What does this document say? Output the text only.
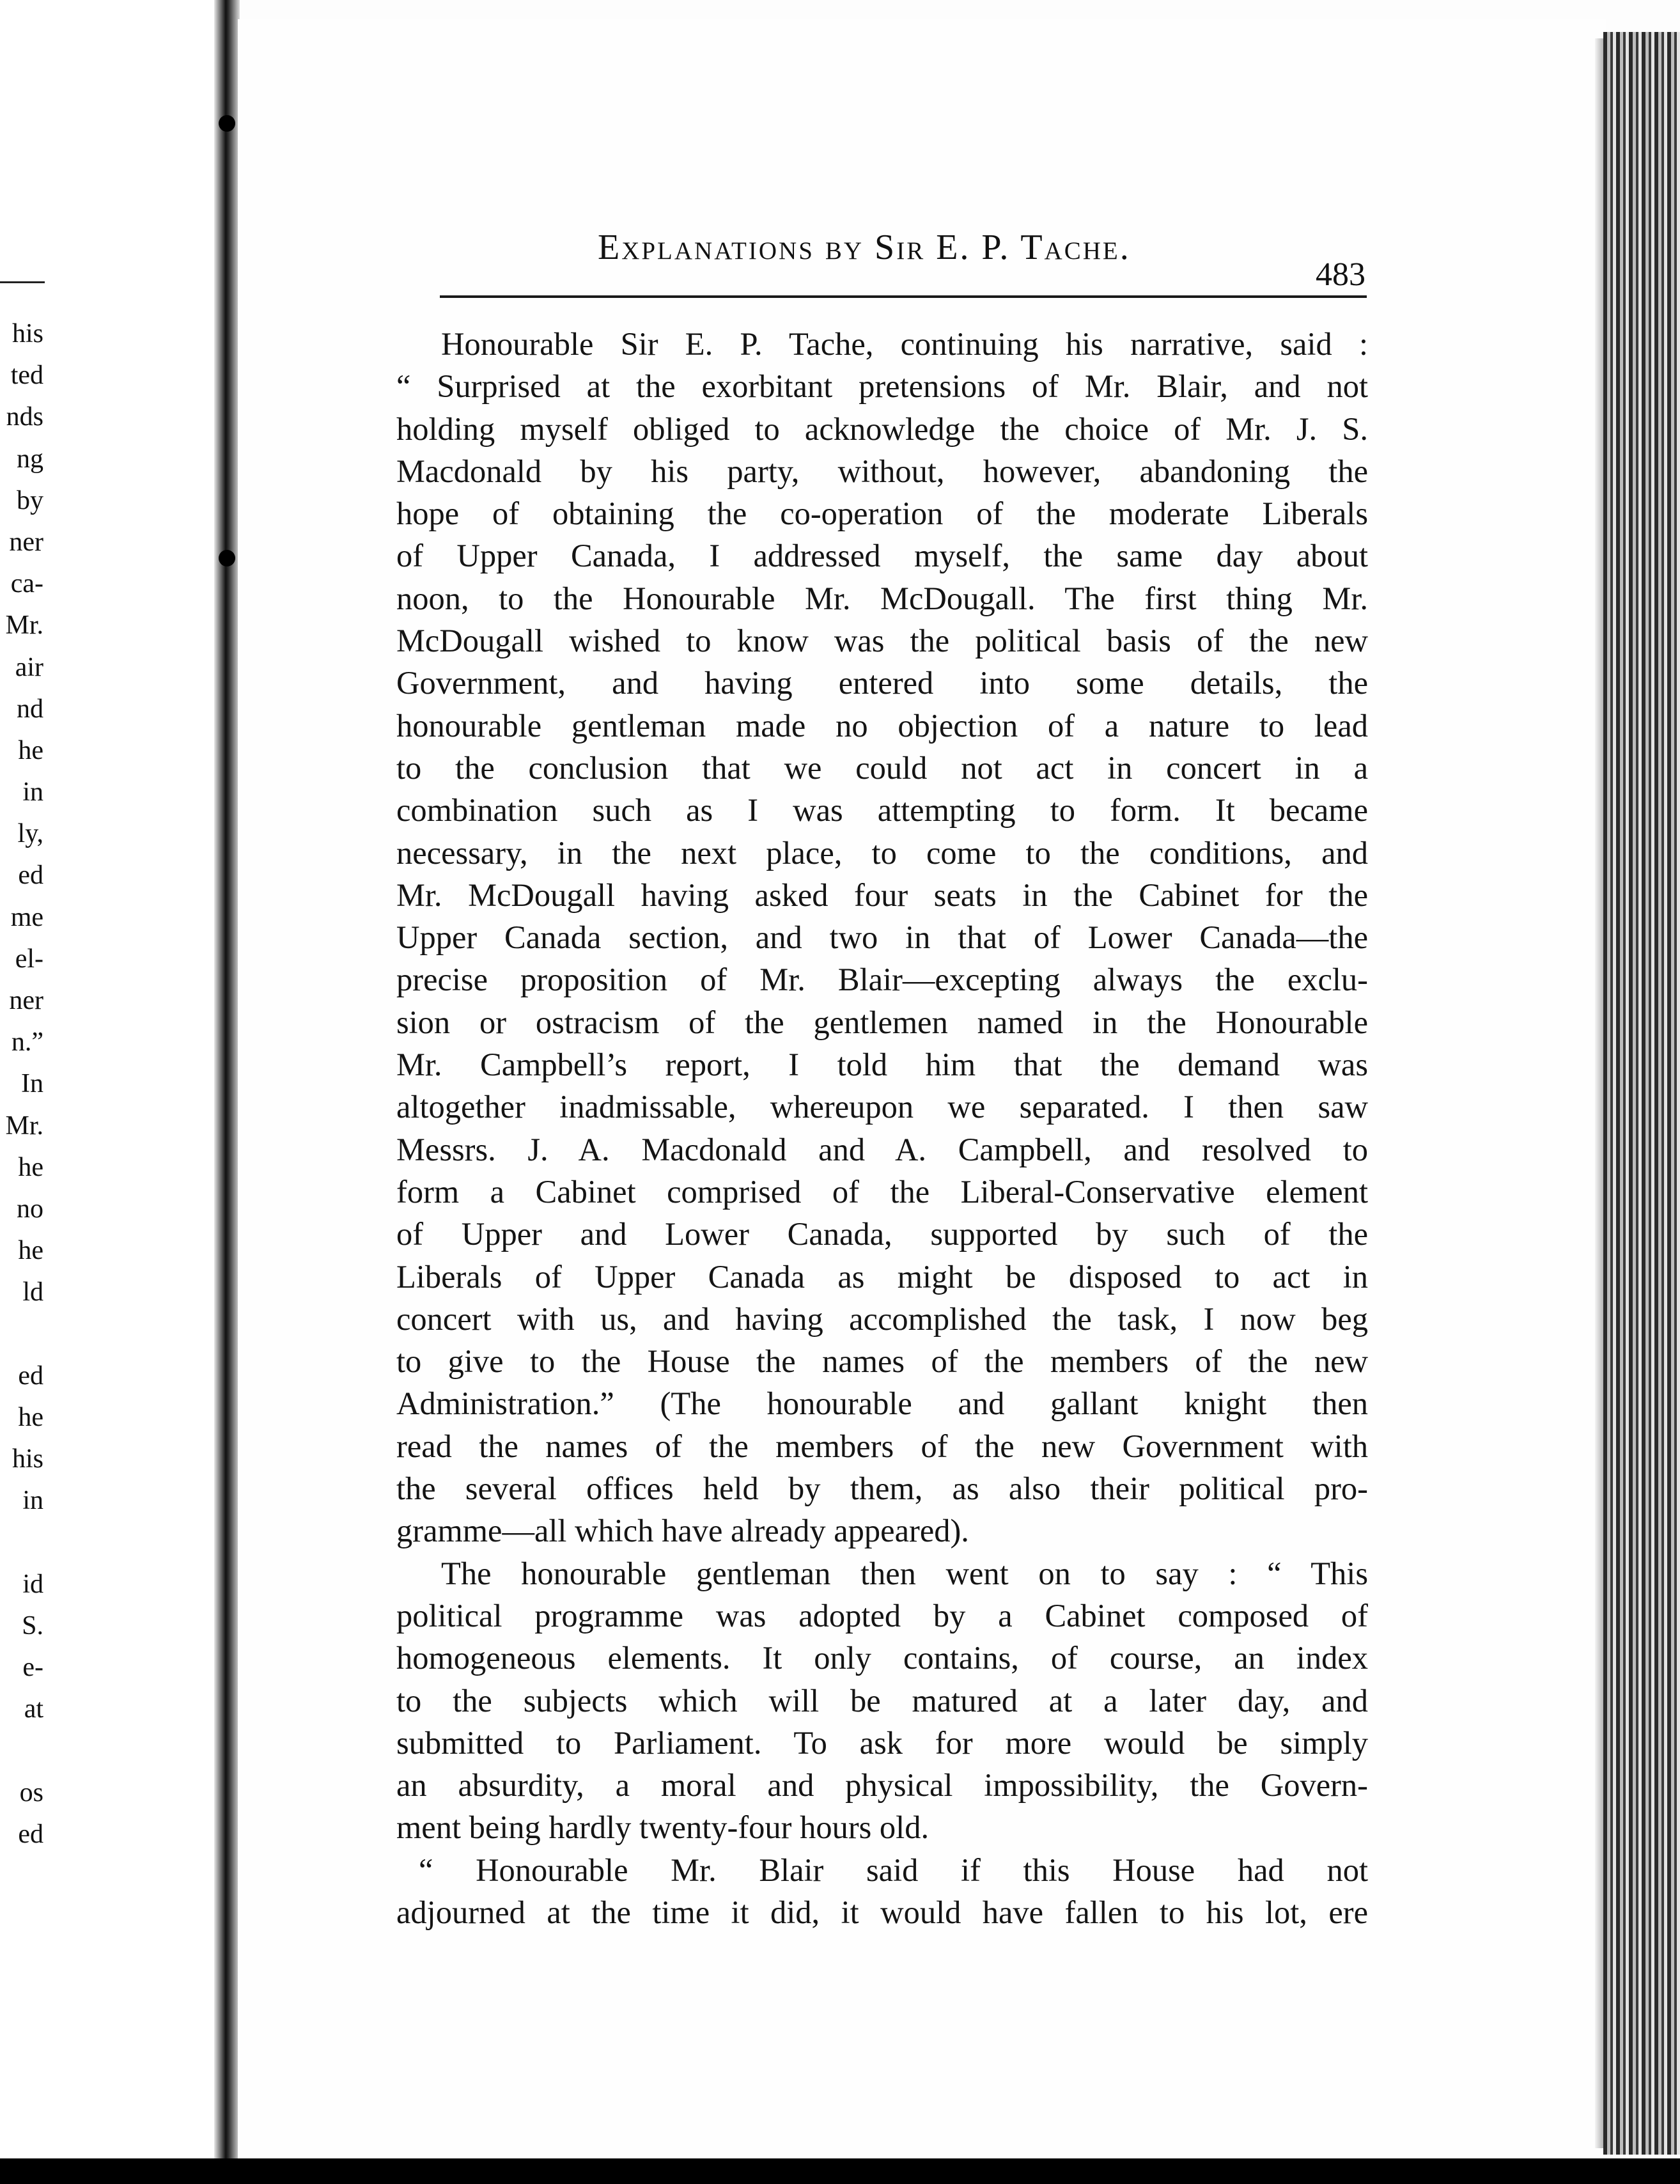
his
ted
nds
ng
by
ner
ca-
Mr.
air
nd
he
in
ly,
ed
me
el-
ner
n.”
In
Mr.
he
no
he
ld
ed
he
his
in
id
S.
e-
at
os
ed
Explanations by Sir E. P. Tache.
483
Honourable Sir E. P. Tache, continuing his narrative, said :
“ Surprised at the exorbitant pretensions of Mr. Blair, and not
holding myself obliged to acknowledge the choice of Mr. J. S.
Macdonald by his party, without, however, abandoning the
hope of obtaining the co-operation of the moderate Liberals
of Upper Canada, I addressed myself, the same day about
noon, to the Honourable Mr. McDougall. The first thing Mr.
McDougall wished to know was the political basis of the new
Government, and having entered into some details, the
honourable gentleman made no objection of a nature to lead
to the conclusion that we could not act in concert in a
combination such as I was attempting to form. It became
necessary, in the next place, to come to the conditions, and
Mr. McDougall having asked four seats in the Cabinet for the
Upper Canada section, and two in that of Lower Canada—the
precise proposition of Mr. Blair—excepting always the exclu-
sion or ostracism of the gentlemen named in the Honourable
Mr. Campbell’s report, I told him that the demand was
altogether inadmissable, whereupon we separated. I then saw
Messrs. J. A. Macdonald and A. Campbell, and resolved to
form a Cabinet comprised of the Liberal-Conservative element
of Upper and Lower Canada, supported by such of the
Liberals of Upper Canada as might be disposed to act in
concert with us, and having accomplished the task, I now beg
to give to the House the names of the members of the new
Administration.” (The honourable and gallant knight then
read the names of the members of the new Government with
the several offices held by them, as also their political pro-
gramme—all which have already appeared).
The honourable gentleman then went on to say : “ This
political programme was adopted by a Cabinet composed of
homogeneous elements. It only contains, of course, an index
to the subjects which will be matured at a later day, and
submitted to Parliament. To ask for more would be simply
an absurdity, a moral and physical impossibility, the Govern-
ment being hardly twenty-four hours old.
“ Honourable Mr. Blair said if this House had not
adjourned at the time it did, it would have fallen to his lot, ere
